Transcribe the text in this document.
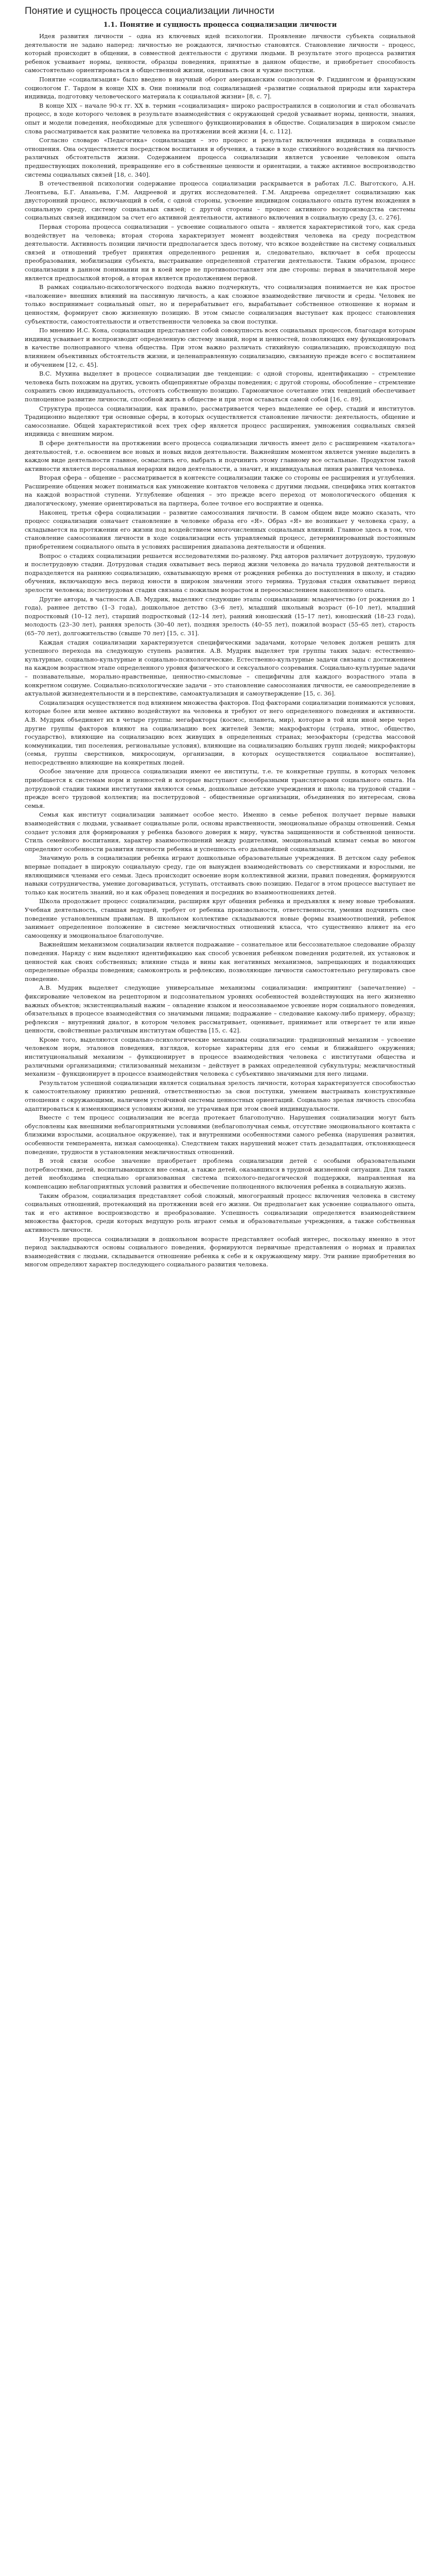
Понятие и сущность процесса социализации личности
1.1. Понятие и сущность процесса социализации личности

Идея развития личности – одна из ключевых идей психологии. Проявление личности субъекта социальной деятельности не задано наперед: личностью не рождаются, личностью становятся. Становление личности – процесс, который происходит в общении, в совместной деятельности с другими людьми. В результате этого процесса развития ребенок усваивает нормы, ценности, образцы поведения, принятые в данном обществе, и приобретает способность самостоятельно ориентироваться в общественной жизни, оценивать свои и чужие поступки.

Понятие «социализация» было введено в научный оборот американским социологом Ф. Гиддингсом и французским социологом Г. Тардом в конце XIX в. Они понимали под социализацией «развитие социальной природы или характера индивида, подготовку человеческого материала к социальной жизни» [8, с. 7].

В конце XIX – начале 90-х гг. XX в. термин «социализация» широко распространился в социологии и стал обозначать процесс, в ходе которого человек в результате взаимодействия с окружающей средой усваивает нормы, ценности, знания, опыт и модели поведения, необходимые для успешного функционирования в обществе. Социализация в широком смысле слова рассматривается как развитие человека на протяжении всей жизни [4, с. 112].

Согласно словарю «Педагогика» социализация – это процесс и результат включения индивида в социальные отношения. Она осуществляется посредством воспитания и обучения, а также в ходе стихийного воздействия на личность различных обстоятельств жизни. Содержанием процесса социализации является усвоение человеком опыта предшествующих поколений, превращение его в собственные ценности и ориентации, а также активное воспроизводство системы социальных связей [18, с. 340].

В отечественной психологии содержание процесса социализации раскрывается в работах Л.С. Выготского, А.Н. Леонтьева, Б.Г. Ананьева, Г.М. Андреевой и других исследователей. Г.М. Андреева определяет социализацию как двусторонний процесс, включающий в себя, с одной стороны, усвоение индивидом социального опыта путем вхождения в социальную среду, систему социальных связей; с другой стороны – процесс активного воспроизводства системы социальных связей индивидом за счет его активной деятельности, активного включения в социальную среду [3, с. 276].

Первая сторона процесса социализации – усвоение социального опыта – является характеристикой того, как среда воздействует на человека; вторая сторона характеризует момент воздействия человека на среду посредством деятельности. Активность позиции личности предполагается здесь потому, что всякое воздействие на систему социальных связей и отношений требует принятия определенного решения и, следовательно, включает в себя процессы преобразования, мобилизации субъекта, выстраивание определенной стратегии деятельности. Таким образом, процесс социализации в данном понимании ни в коей мере не противопоставляет эти две стороны: первая в значительной мере является предпосылкой второй, а вторая является продолжением первой.

В рамках социально-психологического подхода важно подчеркнуть, что социализация понимается не как простое «наложение» внешних влияний на пассивную личность, а как сложное взаимодействие личности и среды. Человек не только воспринимает социальный опыт, но и перерабатывает его, вырабатывает собственное отношение к нормам и ценностям, формирует свою жизненную позицию. В этом смысле социализация выступает как процесс становления субъектности, самостоятельности и ответственности человека за свои поступки.

По мнению И.С. Кона, социализация представляет собой совокупность всех социальных процессов, благодаря которым индивид усваивает и воспроизводит определенную систему знаний, норм и ценностей, позволяющих ему функционировать в качестве полноправного члена общества. При этом важно различать стихийную социализацию, происходящую под влиянием объективных обстоятельств жизни, и целенаправленную социализацию, связанную прежде всего с воспитанием и обучением [12, с. 45].

В.С. Мухина выделяет в процессе социализации две тенденции: с одной стороны, идентификацию – стремление человека быть похожим на других, усвоить общепринятые образцы поведения; с другой стороны, обособление – стремление сохранить свою индивидуальность, отстоять собственную позицию. Гармоничное сочетание этих тенденций обеспечивает полноценное развитие личности, способной жить в обществе и при этом оставаться самой собой [16, с. 89].

Структура процесса социализации, как правило, рассматривается через выделение ее сфер, стадий и институтов. Традиционно выделяют три основные сферы, в которых осуществляется становление личности: деятельность, общение и самосознание. Общей характеристикой всех трех сфер является процесс расширения, умножения социальных связей индивида с внешним миром.

В сфере деятельности на протяжении всего процесса социализации личность имеет дело с расширением «каталога» деятельностей, т.е. освоением все новых и новых видов деятельности. Важнейшим моментом является умение выделить в каждом виде деятельности главное, осмыслить его, выбрать и подчинить этому главному все остальные. Продуктом такой активности является персональная иерархия видов деятельности, а значит, и индивидуальная линия развития человека.

Вторая сфера – общение – рассматривается в контексте социализации также со стороны ее расширения и углубления. Расширение общения может пониматься как умножение контактов человека с другими людьми, специфика этих контактов на каждой возрастной ступени. Углубление общения – это прежде всего переход от монологического общения к диалогическому, умение ориентироваться на партнера, более точное его восприятие и оценка.

Наконец, третья сфера социализации – развитие самосознания личности. В самом общем виде можно сказать, что процесс социализации означает становление в человеке образа его «Я». Образ «Я» не возникает у человека сразу, а складывается на протяжении его жизни под воздействием многочисленных социальных влияний. Главное здесь в том, что становление самосознания личности в ходе социализации есть управляемый процесс, детерминированный постоянным приобретением социального опыта в условиях расширения диапазона деятельности и общения.

Вопрос о стадиях социализации решается исследователями по-разному. Ряд авторов различает дотрудовую, трудовую и послетрудовую стадии. Дотрудовая стадия охватывает весь период жизни человека до начала трудовой деятельности и подразделяется на раннюю социализацию, охватывающую время от рождения ребенка до поступления в школу, и стадию обучения, включающую весь период юности в широком значении этого термина. Трудовая стадия охватывает период зрелости человека; послетрудовая стадия связана с пожилым возрастом и переосмыслением накопленного опыта.

Другие авторы, в частности А.В. Мудрик, выделяют следующие этапы социализации: младенчество (от рождения до 1 года), раннее детство (1–3 года), дошкольное детство (3–6 лет), младший школьный возраст (6–10 лет), младший подростковый (10–12 лет), старший подростковый (12–14 лет), ранний юношеский (15–17 лет), юношеский (18–23 года), молодость (23–30 лет), ранняя зрелость (30–40 лет), поздняя зрелость (40–55 лет), пожилой возраст (55–65 лет), старость (65–70 лет), долгожительство (свыше 70 лет) [15, с. 31].

Каждая стадия социализации характеризуется специфическими задачами, которые человек должен решить для успешного перехода на следующую ступень развития. А.В. Мудрик выделяет три группы таких задач: естественно-культурные, социально-культурные и социально-психологические. Естественно-культурные задачи связаны с достижением на каждом возрастном этапе определенного уровня физического и сексуального созревания. Социально-культурные задачи – познавательные, морально-нравственные, ценностно-смысловые – специфичны для каждого возрастного этапа в конкретном социуме. Социально-психологические задачи – это становление самосознания личности, ее самоопределение в актуальной жизнедеятельности и в перспективе, самоактуализация и самоутверждение [15, с. 36].

Социализация осуществляется под влиянием множества факторов. Под факторами социализации понимаются условия, которые более или менее активно воздействуют на человека и требуют от него определенного поведения и активности. А.В. Мудрик объединяет их в четыре группы: мегафакторы (космос, планета, мир), которые в той или иной мере через другие группы факторов влияют на социализацию всех жителей Земли; макрофакторы (страна, этнос, общество, государство), влияющие на социализацию всех живущих в определенных странах; мезофакторы (средства массовой коммуникации, тип поселения, региональные условия), влияющие на социализацию больших групп людей; микрофакторы (семья, группы сверстников, микросоциум, организации, в которых осуществляется социальное воспитание), непосредственно влияющие на конкретных людей.

Особое значение для процесса социализации имеют ее институты, т.е. те конкретные группы, в которых человек приобщается к системам норм и ценностей и которые выступают своеобразными трансляторами социального опыта. На дотрудовой стадии такими институтами являются семья, дошкольные детские учреждения и школа; на трудовой стадии – прежде всего трудовой коллектив; на послетрудовой – общественные организации, объединения по интересам, снова семья.

Семья как институт социализации занимает особое место. Именно в семье ребенок получает первые навыки взаимодействия с людьми, усваивает социальные роли, основы нравственности, эмоциональные образцы отношений. Семья создает условия для формирования у ребенка базового доверия к миру, чувства защищенности и собственной ценности. Стиль семейного воспитания, характер взаимоотношений между родителями, эмоциональный климат семьи во многом определяют особенности развития личности ребенка и успешность его дальнейшей социализации.

Значимую роль в социализации ребенка играют дошкольные образовательные учреждения. В детском саду ребенок впервые попадает в широкую социальную среду, где он вынужден взаимодействовать со сверстниками и взрослыми, не являющимися членами его семьи. Здесь происходит освоение норм коллективной жизни, правил поведения, формируются навыки сотрудничества, умение договариваться, уступать, отстаивать свою позицию. Педагог в этом процессе выступает не только как носитель знаний, но и как образец поведения и посредник во взаимоотношениях детей.

Школа продолжает процесс социализации, расширяя круг общения ребенка и предъявляя к нему новые требования. Учебная деятельность, ставшая ведущей, требует от ребенка произвольности, ответственности, умения подчинять свое поведение установленным правилам. В школьном коллективе складываются новые формы взаимоотношений, ребенок занимает определенное положение в системе межличностных отношений класса, что существенно влияет на его самооценку и эмоциональное благополучие.

Важнейшим механизмом социализации является подражание – сознательное или бессознательное следование образцу поведения. Наряду с ним выделяют идентификацию как способ усвоения ребенком поведения родителей, их установок и ценностей как своих собственных; влияние стыда и вины как негативных механизмов, запрещающих и подавляющих определенные образцы поведения; самоконтроль и рефлексию, позволяющие личности самостоятельно регулировать свое поведение.

А.В. Мудрик выделяет следующие универсальные механизмы социализации: импринтинг (запечатление) – фиксирование человеком на рецепторном и подсознательном уровнях особенностей воздействующих на него жизненно важных объектов; экзистенциальный нажим – овладение языком и неосознаваемое усвоение норм социального поведения, обязательных в процессе взаимодействия со значимыми лицами; подражание – следование какому-либо примеру, образцу; рефлексия – внутренний диалог, в котором человек рассматривает, оценивает, принимает или отвергает те или иные ценности, свойственные различным институтам общества [15, с. 42].

Кроме того, выделяются социально-психологические механизмы социализации: традиционный механизм – усвоение человеком норм, эталонов поведения, взглядов, которые характерны для его семьи и ближайшего окружения; институциональный механизм – функционирует в процессе взаимодействия человека с институтами общества и различными организациями; стилизованный механизм – действует в рамках определенной субкультуры; межличностный механизм – функционирует в процессе взаимодействия человека с субъективно значимыми для него лицами.

Результатом успешной социализации является социальная зрелость личности, которая характеризуется способностью к самостоятельному принятию решений, ответственностью за свои поступки, умением выстраивать конструктивные отношения с окружающими, наличием устойчивой системы ценностных ориентаций. Социально зрелая личность способна адаптироваться к изменяющимся условиям жизни, не утрачивая при этом своей индивидуальности.

Вместе с тем процесс социализации не всегда протекает благополучно. Нарушения социализации могут быть обусловлены как внешними неблагоприятными условиями (неблагополучная семья, отсутствие эмоционального контакта с близкими взрослыми, асоциальное окружение), так и внутренними особенностями самого ребенка (нарушения развития, особенности темперамента, низкая самооценка). Следствием таких нарушений может стать дезадаптация, отклоняющееся поведение, трудности в установлении межличностных отношений.

В этой связи особое значение приобретает проблема социализации детей с особыми образовательными потребностями, детей, воспитывающихся вне семьи, а также детей, оказавшихся в трудной жизненной ситуации. Для таких детей необходима специально организованная система психолого-педагогической поддержки, направленная на компенсацию неблагоприятных условий развития и обеспечение полноценного включения ребенка в социальную жизнь.

Таким образом, социализация представляет собой сложный, многогранный процесс включения человека в систему социальных отношений, протекающий на протяжении всей его жизни. Он предполагает как усвоение социального опыта, так и его активное воспроизводство и преобразование. Успешность социализации определяется взаимодействием множества факторов, среди которых ведущую роль играют семья и образовательные учреждения, а также собственная активность личности.

Изучение процесса социализации в дошкольном возрасте представляет особый интерес, поскольку именно в этот период закладываются основы социального поведения, формируются первичные представления о нормах и правилах взаимодействия с людьми, складывается отношение ребенка к себе и к окружающему миру. Эти ранние приобретения во многом определяют характер последующего социального развития человека.
